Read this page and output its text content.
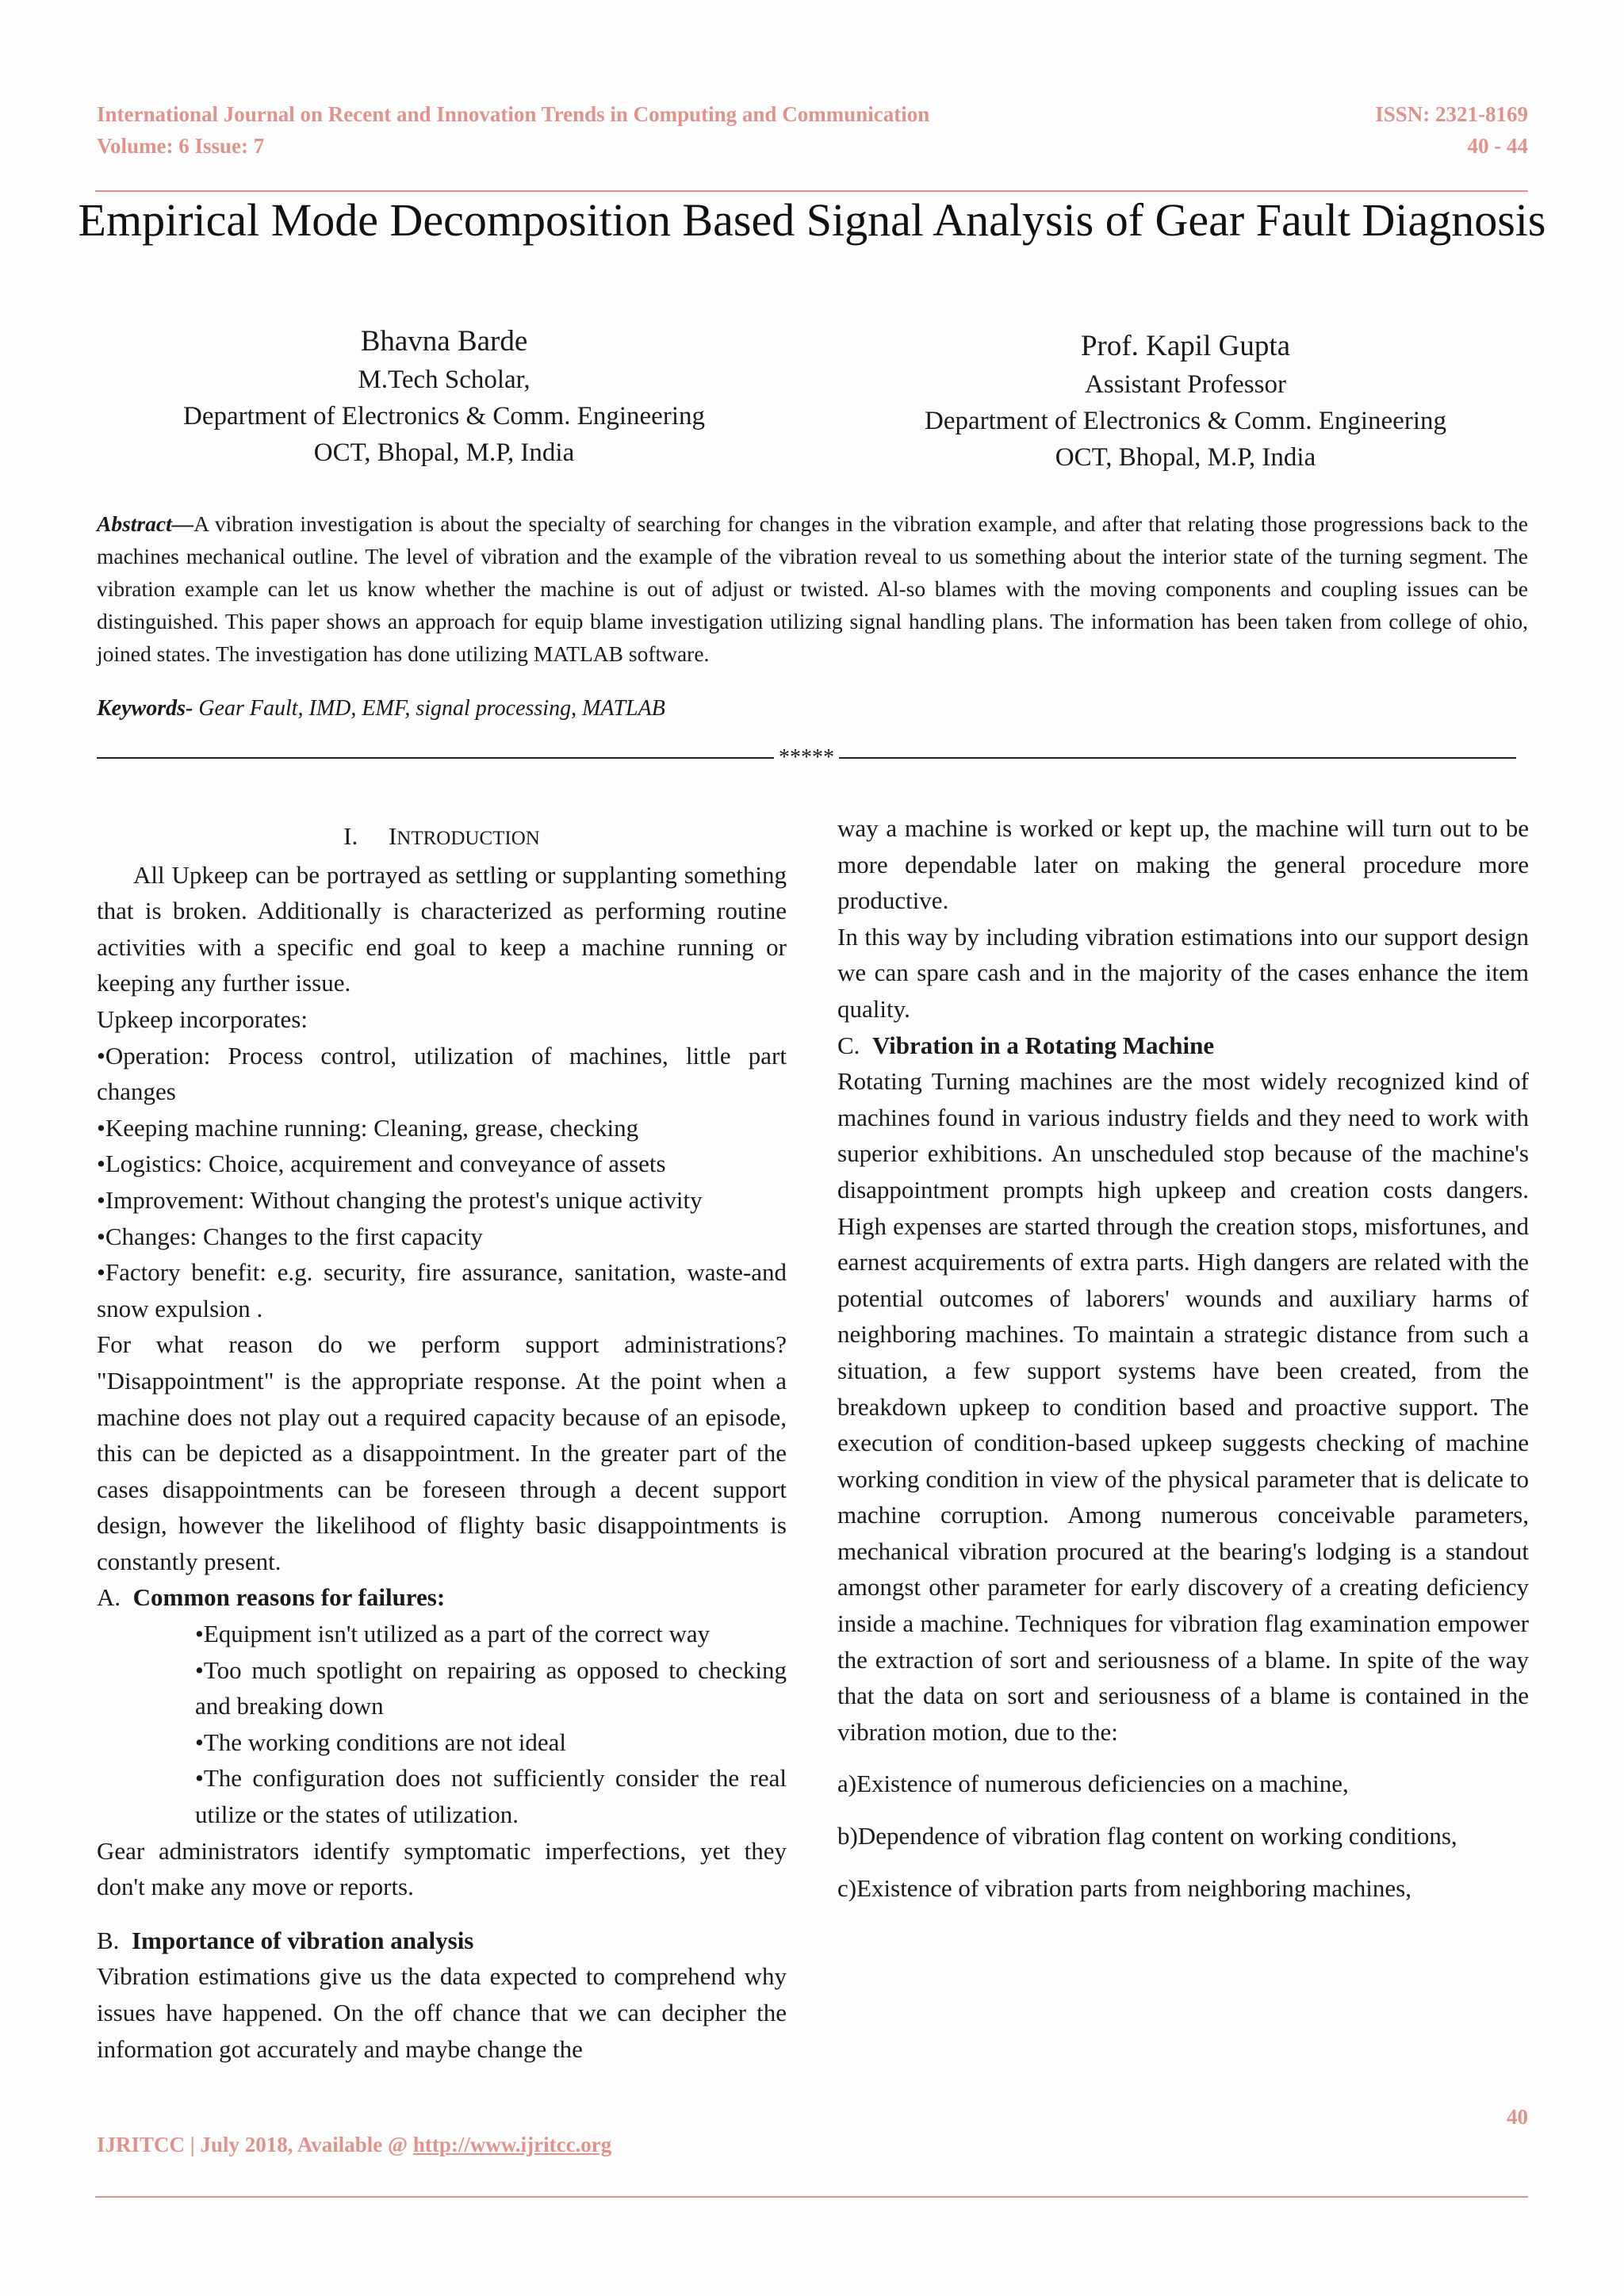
International Journal on Recent and Innovation Trends in Computing and Communication	ISSN: 2321-8169
Volume: 6 Issue: 7	40 - 44
Empirical Mode Decomposition Based Signal Analysis of Gear Fault Diagnosis
Bhavna Barde
M.Tech Scholar,
Department of Electronics & Comm. Engineering
OCT, Bhopal, M.P, India
Prof. Kapil Gupta
Assistant Professor
Department of Electronics & Comm. Engineering
OCT, Bhopal, M.P, India
Abstract—A vibration investigation is about the specialty of searching for changes in the vibration example, and after that relating those progressions back to the machines mechanical outline. The level of vibration and the example of the vibration reveal to us something about the interior state of the turning segment. The vibration example can let us know whether the machine is out of adjust or twisted. Al-so blames with the moving components and coupling issues can be distinguished. This paper shows an approach for equip blame investigation utilizing signal handling plans. The information has been taken from college of ohio, joined states. The investigation has done utilizing MATLAB software.
Keywords- Gear Fault, IMD, EMF, signal processing, MATLAB
*****

I. INTRODUCTION

All Upkeep can be portrayed as settling or supplanting something that is broken. Additionally is characterized as performing routine activities with a specific end goal to keep a machine running or keeping any further issue.

Upkeep incorporates:

•Operation: Process control, utilization of machines, little part changes

•Keeping machine running: Cleaning, grease, checking

•Logistics: Choice, acquirement and conveyance of assets

•Improvement: Without changing the protest's unique activity

•Changes: Changes to the first capacity

•Factory benefit: e.g. security, fire assurance, sanitation, waste-and snow expulsion .

For what reason do we perform support administrations? "Disappointment" is the appropriate response. At the point when a machine does not play out a required capacity because of an episode, this can be depicted as a disappointment. In the greater part of the cases disappointments can be foreseen through a decent support design, however the likelihood of flighty basic disappointments is constantly present.

A. Common reasons for failures:

•Equipment isn't utilized as a part of the correct way

•Too much spotlight on repairing as opposed to checking and breaking down

•The working conditions are not ideal

•The configuration does not sufficiently consider the real utilize or the states of utilization.

Gear administrators identify symptomatic imperfections, yet they don't make any move or reports.

B. Importance of vibration analysis

Vibration estimations give us the data expected to comprehend why issues have happened. On the off chance that we can decipher the information got accurately and maybe change the

way a machine is worked or kept up, the machine will turn out to be more dependable later on making the general procedure more productive.

In this way by including vibration estimations into our support design we can spare cash and in the majority of the cases enhance the item quality.

C. Vibration in a Rotating Machine

Rotating Turning machines are the most widely recognized kind of machines found in various industry fields and they need to work with superior exhibitions. An unscheduled stop because of the machine's disappointment prompts high upkeep and creation costs dangers. High expenses are started through the creation stops, misfortunes, and earnest acquirements of extra parts. High dangers are related with the potential outcomes of laborers' wounds and auxiliary harms of neighboring machines. To maintain a strategic distance from such a situation, a few support systems have been created, from the breakdown upkeep to condition based and proactive support. The execution of condition-based upkeep suggests checking of machine working condition in view of the physical parameter that is delicate to machine corruption. Among numerous conceivable parameters, mechanical vibration procured at the bearing's lodging is a standout amongst other parameter for early discovery of a creating deficiency inside a machine. Techniques for vibration flag examination empower the extraction of sort and seriousness of a blame. In spite of the way that the data on sort and seriousness of a blame is contained in the vibration motion, due to the:

a)Existence of numerous deficiencies on a machine,

b)Dependence of vibration flag content on working conditions,

c)Existence of vibration parts from neighboring machines,

40
IJRITCC | July 2018, Available @ http://www.ijritcc.org
